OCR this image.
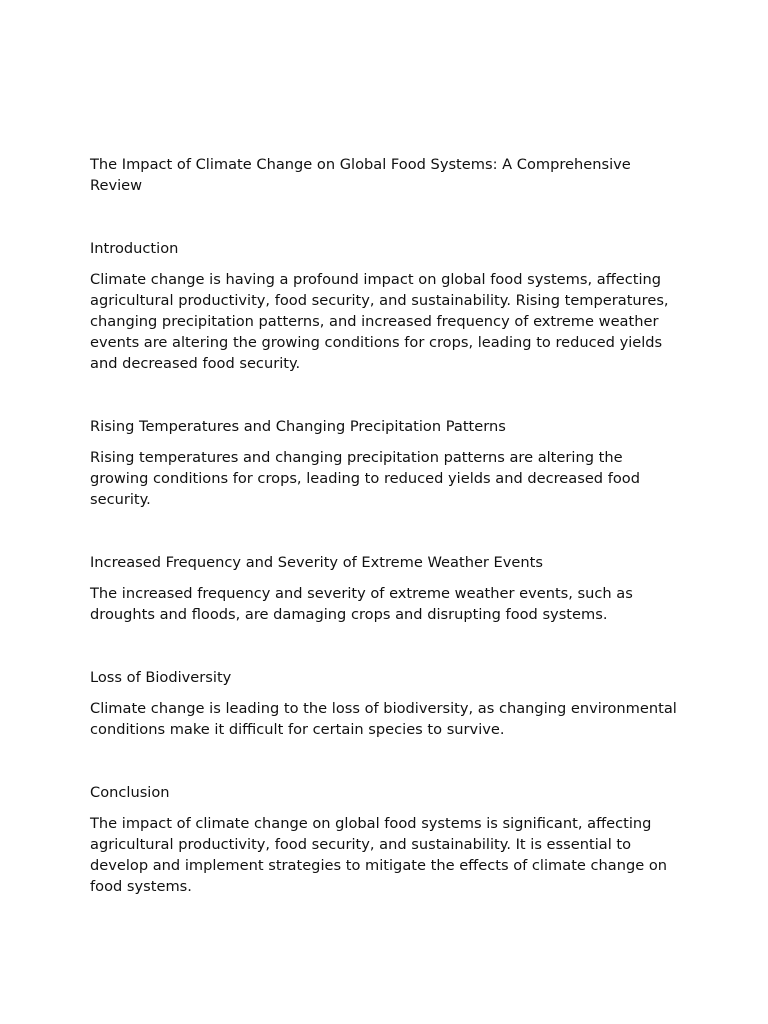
The Impact of Climate Change on Global Food Systems: A Comprehensive Review
Introduction

Climate change is having a profound impact on global food systems, affecting agricultural productivity, food security, and sustainability. Rising temperatures, changing precipitation patterns, and increased frequency of extreme weather events are altering the growing conditions for crops, leading to reduced yields and decreased food security.

Rising Temperatures and Changing Precipitation Patterns

Rising temperatures and changing precipitation patterns are altering the growing conditions for crops, leading to reduced yields and decreased food security.

Increased Frequency and Severity of Extreme Weather Events

The increased frequency and severity of extreme weather events, such as droughts and floods, are damaging crops and disrupting food systems.

Loss of Biodiversity

Climate change is leading to the loss of biodiversity, as changing environmental conditions make it difficult for certain species to survive.

Conclusion

The impact of climate change on global food systems is significant, affecting agricultural productivity, food security, and sustainability. It is essential to develop and implement strategies to mitigate the effects of climate change on food systems.
